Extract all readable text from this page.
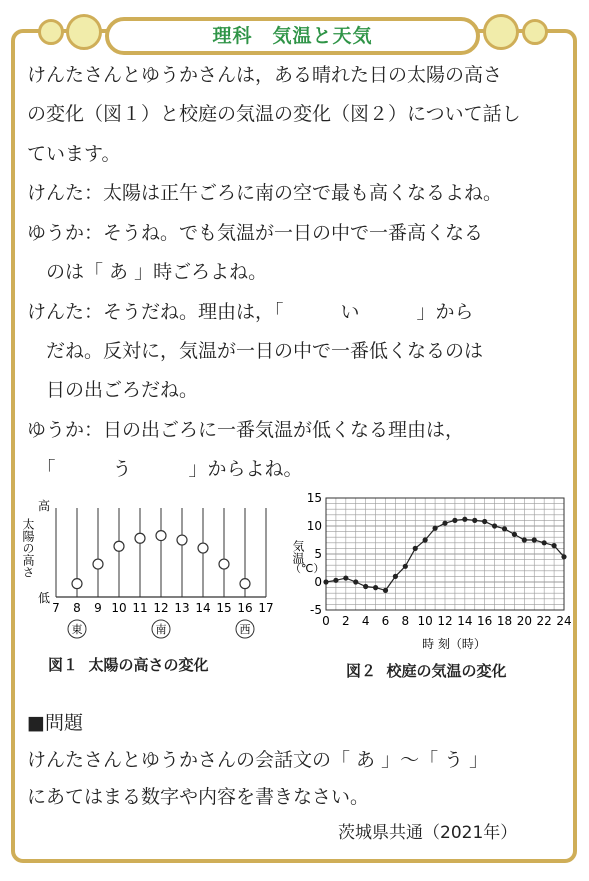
理科　気温と天気
けんたさんとゆうかさんは，ある晴れた日の太陽の高さ
の変化（図１）と校庭の気温の変化（図２）について話し
ています。
けんた：太陽は正午ごろに南の空で最も高くなるよね。
ゆうか：そうね。でも気温が一日の中で一番高くなる
　のは「 あ 」時ごろよね。
けんた：そうだね。理由は，「　　　い　　　」から
　だね。反対に，気温が一日の中で一番低くなるのは
　日の出ごろだね。
ゆうか：日の出ごろに一番気温が低くなる理由は，
　「　　　う　　　」からよね。
7 8 9 10 11 12 13 14 15 16 17
東	南	西
高
低
太陽の高さ
図１  太陽の高さの変化
-5
0
5
10
15
0 2 4 6 8 10 12 14 16 18 20 22 24
気温
（℃）
時 刻（時）
図２  校庭の気温の変化
■問題
けんたさんとゆうかさんの会話文の「 あ 」～「 う 」
にあてはまる数字や内容を書きなさい。
茨城県共通（2021年）
